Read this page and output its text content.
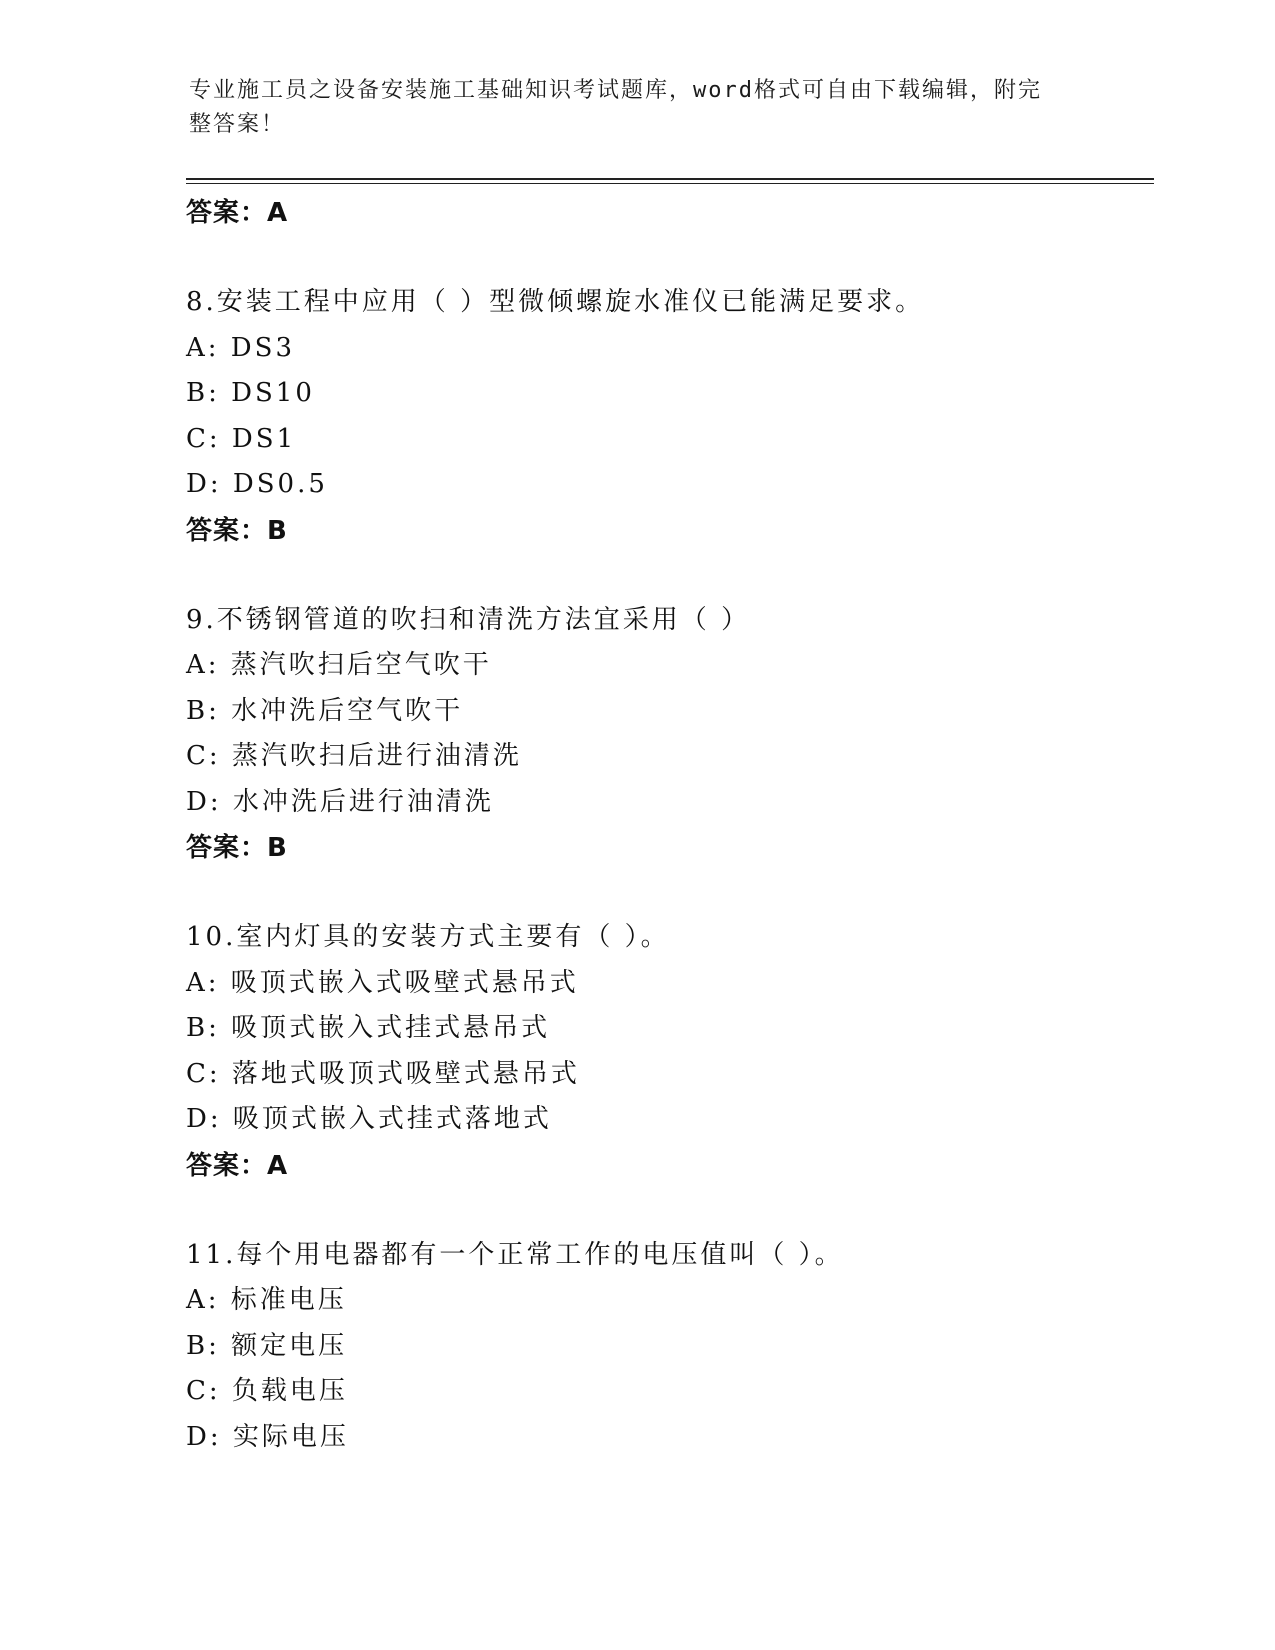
专业施工员之设备安装施工基础知识考试题库，word格式可自由下载编辑，附完
整答案！
答案：A
8.安装工程中应用（ ）型微倾螺旋水准仪已能满足要求。
A: DS3
B: DS10
C: DS1
D: DS0.5
答案：B
9.不锈钢管道的吹扫和清洗方法宜采用（ ）
A: 蒸汽吹扫后空气吹干
B: 水冲洗后空气吹干
C: 蒸汽吹扫后进行油清洗
D: 水冲洗后进行油清洗
答案：B
10.室内灯具的安装方式主要有（ ）。
A: 吸顶式嵌入式吸壁式悬吊式
B: 吸顶式嵌入式挂式悬吊式
C: 落地式吸顶式吸壁式悬吊式
D: 吸顶式嵌入式挂式落地式
答案：A
11.每个用电器都有一个正常工作的电压值叫（ ）。
A: 标准电压
B: 额定电压
C: 负载电压
D: 实际电压
